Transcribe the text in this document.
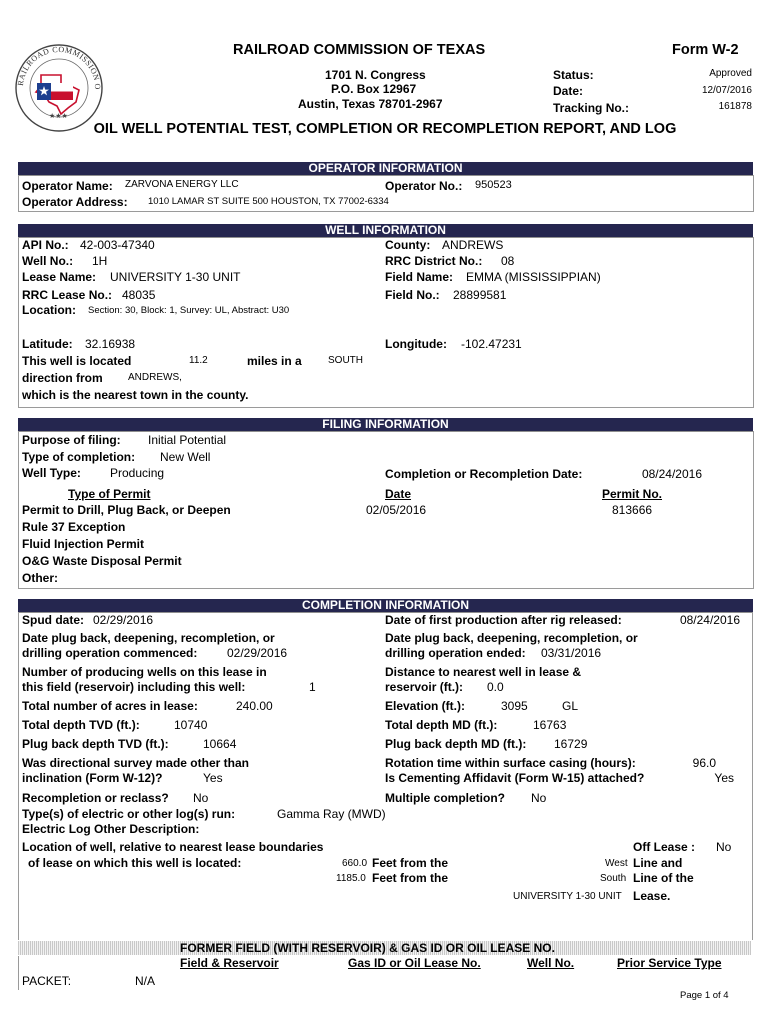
RAILROAD COMMISSION O
★★★
RAILROAD COMMISSION OF TEXAS	Form W-2
1701 N. Congress
P.O. Box 12967
Austin, Texas 78701-2967
Status:	Approved
Date:	12/07/2016
Tracking No.:	161878
OIL WELL POTENTIAL TEST, COMPLETION OR RECOMPLETION REPORT, AND LOG
OPERATOR INFORMATION
Operator Name: ZARVONA ENERGY LLC	Operator No.: 950523
Operator Address: 1010 LAMAR ST SUITE 500 HOUSTON, TX 77002-6334
WELL INFORMATION
API No.: 42-003-47340	County: ANDREWS
Well No.: 1H	RRC District No.: 08
Lease Name: UNIVERSITY 1-30 UNIT	Field Name: EMMA (MISSISSIPPIAN)
RRC Lease No.: 48035	Field No.: 28899581
Location: Section: 30, Block: 1, Survey: UL, Abstract: U30
Latitude: 32.16938	Longitude: -102.47231
This well is located	11.2	miles in a	SOUTH
direction from	ANDREWS,
which is the nearest town in the county.
FILING INFORMATION
Purpose of filing: Initial Potential
Type of completion: New Well
Well Type: Producing	Completion or Recompletion Date:	08/24/2016
Type of Permit	Date	Permit No.
Permit to Drill, Plug Back, or Deepen	02/05/2016	813666
Rule 37 Exception
Fluid Injection Permit
O&G Waste Disposal Permit
Other:
COMPLETION INFORMATION
Spud date: 02/29/2016	Date of first production after rig released:	08/24/2016
Date plug back, deepening, recompletion, or
drilling operation commenced: 02/29/2016
Date plug back, deepening, recompletion, or
drilling operation ended: 03/31/2016
Number of producing wells on this lease in
this field (reservoir) including this well:	1
Distance to nearest well in lease &
reservoir (ft.): 0.0
Total number of acres in lease:	240.00	Elevation (ft.):	3095	GL
Total depth TVD (ft.):	10740	Total depth MD (ft.):	16763
Plug back depth TVD (ft.):	10664	Plug back depth MD (ft.): 16729
Was directional survey made other than
inclination (Form W-12)?	Yes
Rotation time within surface casing (hours):	96.0
Is Cementing Affidavit (Form W-15) attached?	Yes
Recompletion or reclass? No	Multiple completion? No
Type(s) of electric or other log(s) run:	Gamma Ray (MWD)
Electric Log Other Description:
Location of well, relative to nearest lease boundaries
of lease on which this well is located:
Off Lease : No
660.0 Feet from the	West Line and
1185.0 Feet from the	South Line of the
UNIVERSITY 1-30 UNIT Lease.
FORMER FIELD (WITH RESERVOIR) & GAS ID OR OIL LEASE NO.
Field & Reservoir	Gas ID or Oil Lease No.	Well No.	Prior Service Type
PACKET:	N/A
Page 1 of 4
